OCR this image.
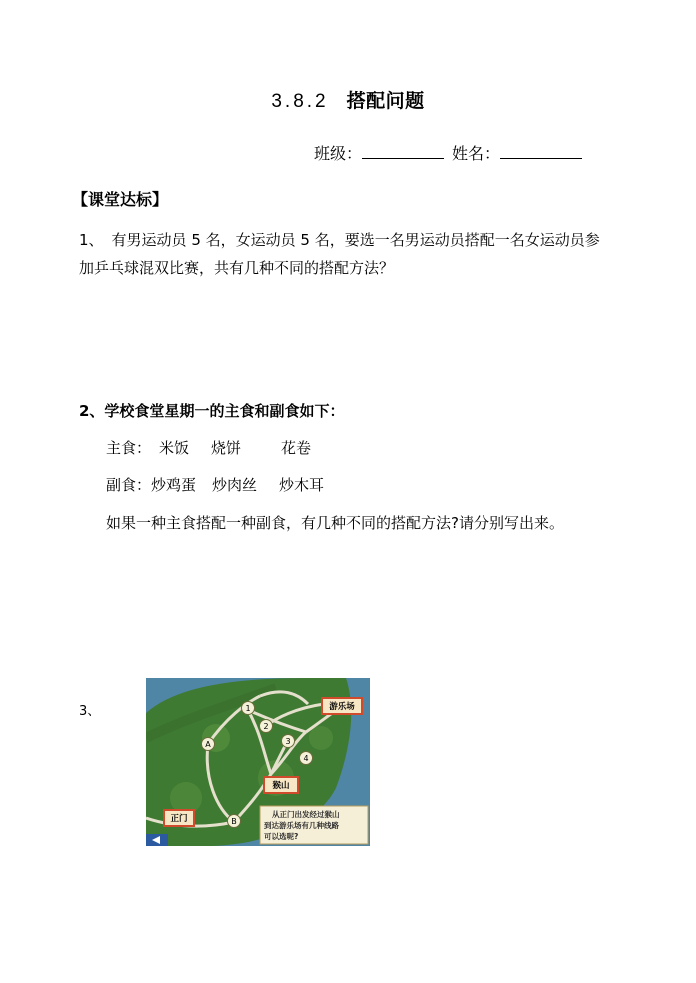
3.8.2 搭配问题
班级：	姓名：
【课堂达标】
1、 有男运动员 5 名，女运动员 5 名，要选一名男运动员搭配一名女运动员参
加乒乓球混双比赛，共有几种不同的搭配方法？
2、学校食堂星期一的主食和副食如下：
主食： 米饭 烧饼	花卷
副食：炒鸡蛋 炒肉丝 炒木耳
如果一种主食搭配一种副食，有几种不同的搭配方法?请分别写出来。
3、	1
2
3
4
A
B
游乐场
猴山
正门	从正门出发经过猴山
到达游乐场有几种线路
可以选呢?
